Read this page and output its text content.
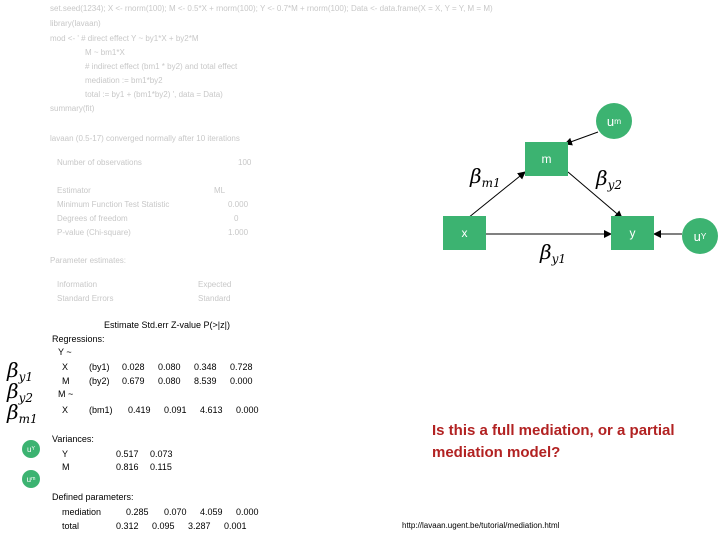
set.seed(1234); X <- rnorm(100); M <- 0.5*X + rnorm(100); Y <- 0.7*M + rnorm(100); Data <- data.frame(X = X, Y = Y, M = M)
library(lavaan)
mod <- ' # direct effect Y ~ by1*X + by2*M
M ~ bm1*X
# indirect effect (bm1 * by2) and total effect
mediation := bm1*by2
total := by1 + (bm1*by2) ', data = Data)
summary(fit)
lavaan (0.5-17) converged normally after 10 iterations
Number of observations	100
Estimator	ML
Minimum Function Test Statistic	0.000
Degrees of freedom	0
P-value (Chi-square)	1.000
Parameter estimates:
Information	Expected
Standard Errors	Standard
Estimate Std.err Z-value P(>|z|)
Regressions:
Y ~
X (by1) 0.028 0.080 0.348 0.728
M (by2) 0.679 0.080 8.539 0.000
M ~
X (bm1) 0.419 0.091 4.613 0.000
Variances:
Y	0.517 0.073
M	0.816 0.115
Defined parameters:
mediation	0.285 0.070 4.059 0.000
total	0.312 0.095 3.287 0.001
$\beta_{y1}$
$\beta_{y2}$
$\beta_{m1}$
u Y
u m
u m
u Y
m
x	y
$\beta_{m1}$	$\beta_{y2}$
$\beta_{y1}$
Is this a full mediation, or a partial mediation model?
http://lavaan.ugent.be/tutorial/mediation.html
